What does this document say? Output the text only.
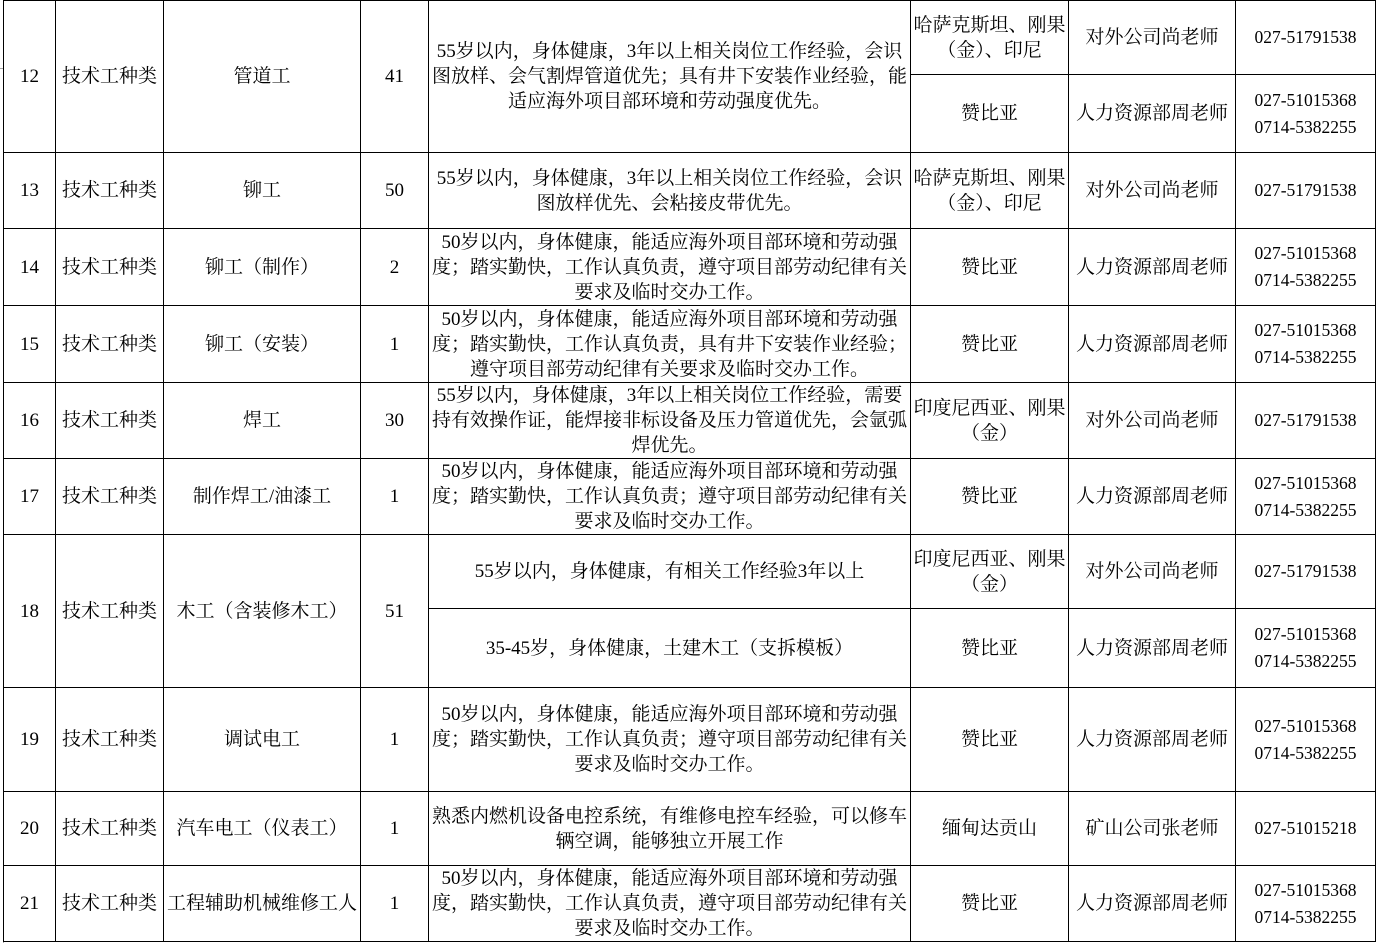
12	技术工种类	管道工	41	55岁以内，身体健康，3年以上相关岗位工作经验，会识图放样、会气割焊管道优先；具有井下安装作业经验，能适应海外项目部环境和劳动强度优先。	哈萨克斯坦、刚果（金）、印尼	对外公司尚老师	027-51791538

					赞比亚	人力资源部周老师	027-51015368
0714-5382255

13	技术工种类	铆工	50	55岁以内，身体健康，3年以上相关岗位工作经验，会识图放样优先、会粘接皮带优先。	哈萨克斯坦、刚果（金）、印尼	对外公司尚老师	027-51791538

14	技术工种类	铆工（制作）	2	50岁以内，身体健康，能适应海外项目部环境和劳动强度；踏实勤快，工作认真负责，遵守项目部劳动纪律有关要求及临时交办工作。	赞比亚	人力资源部周老师	027-51015368
0714-5382255

15	技术工种类	铆工（安装）	1	50岁以内，身体健康，能适应海外项目部环境和劳动强度；踏实勤快，工作认真负责，具有井下安装作业经验；遵守项目部劳动纪律有关要求及临时交办工作。	赞比亚	人力资源部周老师	027-51015368
0714-5382255

16	技术工种类	焊工	30	55岁以内，身体健康，3年以上相关岗位工作经验，需要持有效操作证，能焊接非标设备及压力管道优先，会氩弧焊优先。	印度尼西亚、刚果（金）	对外公司尚老师	027-51791538

17	技术工种类	制作焊工/油漆工	1	50岁以内，身体健康，能适应海外项目部环境和劳动强度；踏实勤快，工作认真负责；遵守项目部劳动纪律有关要求及临时交办工作。	赞比亚	人力资源部周老师	027-51015368
0714-5382255

18	技术工种类	木工（含装修木工）	51	55岁以内，身体健康，有相关工作经验3年以上	印度尼西亚、刚果（金）	对外公司尚老师	027-51791538

				35-45岁，身体健康，土建木工（支拆模板）	赞比亚	人力资源部周老师	027-51015368
0714-5382255

19	技术工种类	调试电工	1	50岁以内，身体健康，能适应海外项目部环境和劳动强度；踏实勤快，工作认真负责；遵守项目部劳动纪律有关要求及临时交办工作。	赞比亚	人力资源部周老师	027-51015368
0714-5382255

20	技术工种类	汽车电工（仪表工）	1	熟悉内燃机设备电控系统，有维修电控车经验，可以修车辆空调，能够独立开展工作	缅甸达贡山	矿山公司张老师	027-51015218

21	技术工种类	工程辅助机械维修工人	1	50岁以内，身体健康，能适应海外项目部环境和劳动强度，踏实勤快，工作认真负责，遵守项目部劳动纪律有关要求及临时交办工作。	赞比亚	人力资源部周老师	027-51015368
0714-5382255
